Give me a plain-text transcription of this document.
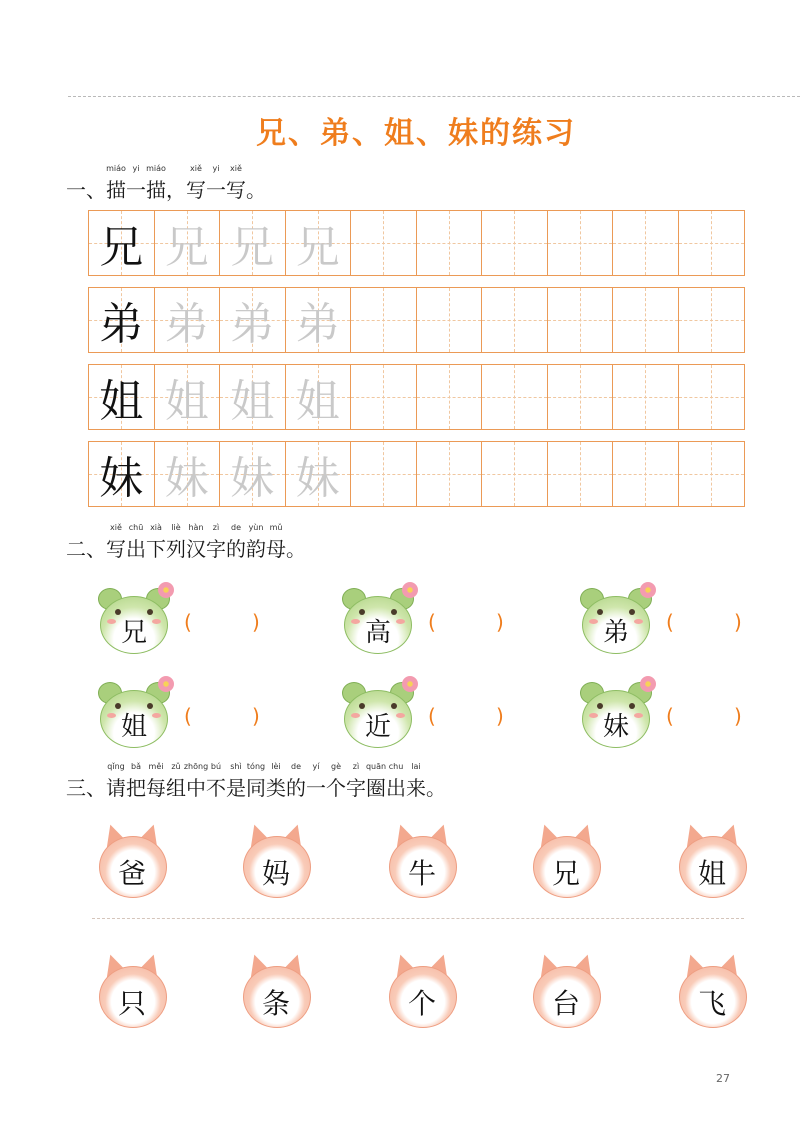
兄、弟、姐、妹的练习
一、描
miáo
一
yi
描
miáo
，写
xiě
一
yi
写
xiě
。
兄 兄 兄 兄
弟 弟 弟 弟
姐 姐 姐 姐
妹 妹 妹 妹
二、写
xiě
出
chū
下
xià
列
liè
汉
hàn
字
zì
的
de
韵
yùn
母
mǔ
。
兄	(	)	高	(	)	弟	(	)
姐	(	)	近	(	)	妹	(	)
三、请
qǐng
把
bǎ
每
měi
组
zǔ
中
zhōng
不
bú
是
shì
同
tóng
类
lèi
的
de
一
yí
个
gè
字
zì
圈
quān
出
chu
来
lai
。
爸	妈	牛	兄	姐
只	条	个	台	飞
27
